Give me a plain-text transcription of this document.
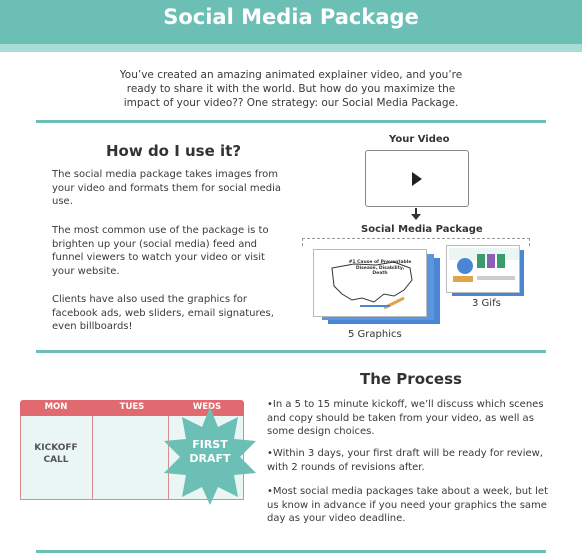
Social Media Package
You’ve created an amazing animated explainer video, and you’re ready to share it with the world. But how do you maximize the impact of your video?? One strategy: our Social Media Package.
How do I use it?
The social media package takes images from your video and formats them for social media use.
The most common use of the package is to brighten up your (social media) feed and funnel viewers to watch your video or visit your website.
Clients have also used the graphics for facebook ads, web sliders, email signatures, even billboards!
Your Video
Social Media Package
#1 Cause of Preventable Disease, Disability, Death
5 Graphics
3 Gifs
The Process
MON	TUES	WEDS
KICKOFF CALL
FIRST
DRAFT
•In a 5 to 15 minute kickoff, we’ll discuss which scenes and copy should be taken from your video, as well as some design choices.
•Within 3 days, your first draft will be ready for review, with 2 rounds of revisions after.
•Most social media packages take about a week, but let us know in advance if you need your graphics the same day as your video deadline.
